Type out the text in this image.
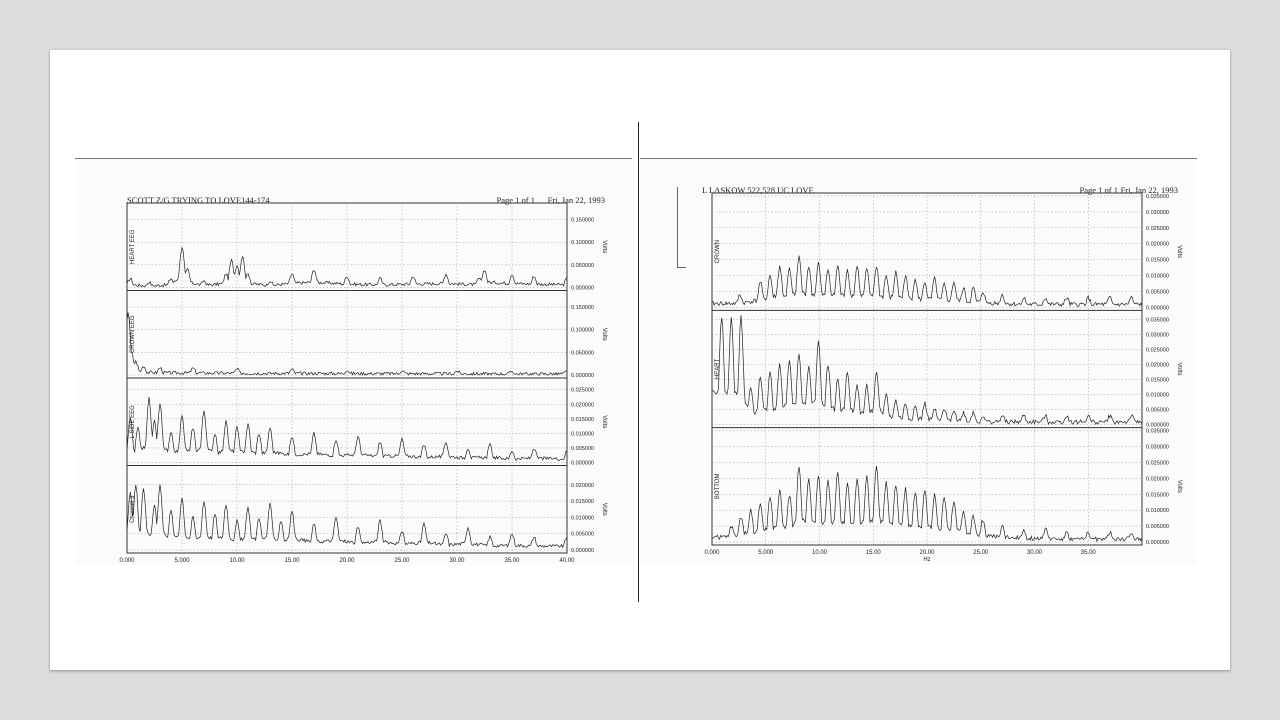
SCOTT Z/G TRYING TO LOVE144-174	Page 1 of 1 Fri, Jan 22, 1993
0.150000
0.100000
0.050000
0.000000
HEART EEG	Volts
0.150000
0.100000
0.050000
0.000000
CROWN EEG	Volts
0.025000
0.020000
0.015000
0.010000
0.005000
0.000000
L SIDE EEG	Volts
0.020000
0.015000
0.010000
0.005000
0.000000
Channel 3	Volts
0.000	5.000	10.00	15.00	20.00	25.00	30.00	35.00	40.00
L LASKOW 522,528 UC LOVE	Page 1 of 1 Fri, Jan 22, 1993
0.035000
0.030000
0.025000
0.020000
0.015000
0.010000
0.005000
0.000000
CROWN	Volts
0.035000
0.030000
0.025000
0.020000
0.015000
0.010000
0.005000
0.000000
HEART	Volts
0.035000
0.030000
0.025000
0.020000
0.015000
0.010000
0.005000
0.000000
BOTTOM	Volts
0.000	5.000	10.00	15.00	20.00	25.00	30.00	35.00
Hz
